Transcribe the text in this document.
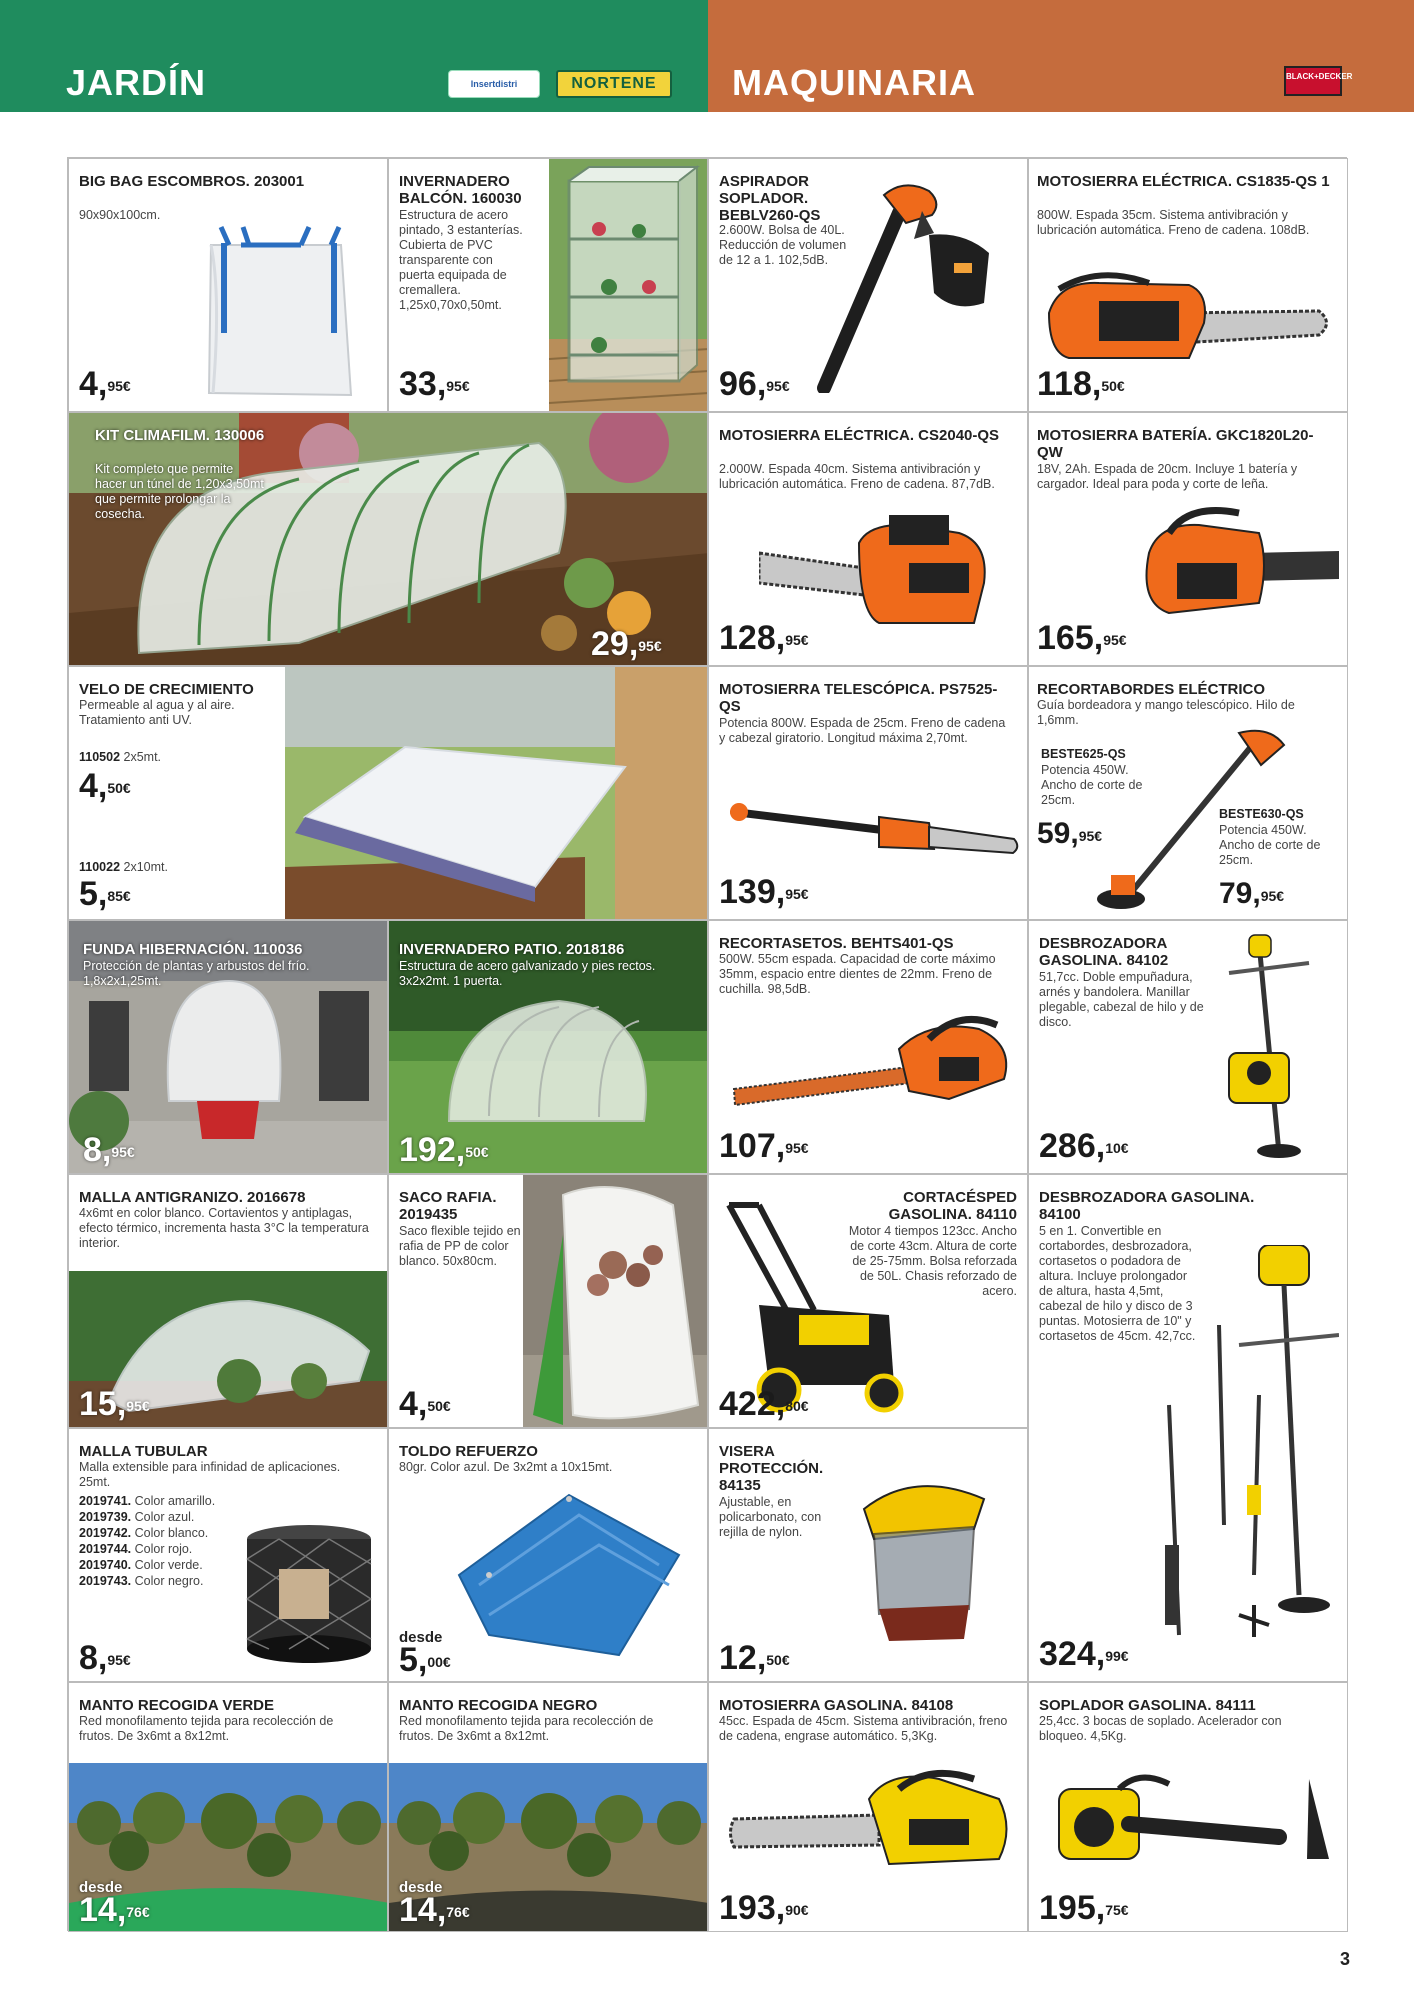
JARDÍN	Insertdistri	NORTENE	MAQUINARIA	BLACK+DECKER
BIG BAG ESCOMBROS. 203001
90x90x100cm.
4,$^{95€}$
INVERNADERO BALCÓN. 160030
Estructura de acero pintado, 3 estanterías. Cubierta de PVC transparente con puerta equipada de cremallera. 1,25x0,70x0,50mt.
33,$^{95€}$
ASPIRADOR SOPLADOR. BEBLV260-QS
2.600W. Bolsa de 40L. Reducción de volumen de 12 a 1. 102,5dB.
96,$^{95€}$
MOTOSIERRA ELÉCTRICA. CS1835-QS 1
800W. Espada 35cm. Sistema antivibración y lubricación automática. Freno de cadena. 108dB.
118,$^{50€}$
KIT CLIMAFILM. 130006
Kit completo que permite hacer un túnel de 1,20x3,50mt que permite prolongar la cosecha.
29,$^{95€}$
MOTOSIERRA ELÉCTRICA. CS2040-QS
2.000W. Espada 40cm. Sistema antivibración y lubricación automática. Freno de cadena. 87,7dB.
128,$^{95€}$
MOTOSIERRA BATERÍA. GKC1820L20-QW
18V, 2Ah. Espada de 20cm. Incluye 1 batería y cargador. Ideal para poda y corte de leña.
165,$^{95€}$
VELO DE CRECIMIENTO
Permeable al agua y al aire. Tratamiento anti UV.
110502 2x5mt.
4,$^{50€}$
110022 2x10mt.
5,$^{85€}$
MOTOSIERRA TELESCÓPICA. PS7525-QS
Potencia 800W. Espada de 25cm. Freno de cadena y cabezal giratorio. Longitud máxima 2,70mt.
139,$^{95€}$
RECORTABORDES ELÉCTRICO
Guía bordeadora y mango telescópico. Hilo de 1,6mm.
BESTE625-QS
Potencia 450W. Ancho de corte de 25cm.
59,$^{95€}$
BESTE630-QS
Potencia 450W. Ancho de corte de 25cm.
79,$^{95€}$
FUNDA HIBERNACIÓN. 110036
Protección de plantas y arbustos del frío. 1,8x2x1,25mt.
8,$^{95€}$
INVERNADERO PATIO. 2018186
Estructura de acero galvanizado y pies rectos. 3x2x2mt. 1 puerta.
192,$^{50€}$
RECORTASETOS. BEHTS401-QS
500W. 55cm espada. Capacidad de corte máximo 35mm, espacio entre dientes de 22mm. Freno de cuchilla. 98,5dB.
107,$^{95€}$
DESBROZADORA GASOLINA. 84102
51,7cc. Doble empuñadura, arnés y bandolera. Manillar plegable, cabezal de hilo y de disco.
286,$^{10€}$
MALLA ANTIGRANIZO. 2016678
4x6mt en color blanco. Cortavientos y antiplagas, efecto térmico, incrementa hasta 3°C la temperatura interior.
15,$^{95€}$
SACO RAFIA. 2019435
Saco flexible tejido en rafia de PP de color blanco. 50x80cm.
4,$^{50€}$
CORTACÉSPED GASOLINA. 84110
Motor 4 tiempos 123cc. Ancho de corte 43cm. Altura de corte de 25-75mm. Bolsa reforzada de 50L. Chasis reforzado de acero.
422,$^{80€}$
DESBROZADORA GASOLINA. 84100
5 en 1. Convertible en cortabordes, desbrozadora, cortasetos o podadora de altura. Incluye prolongador de altura, hasta 4,5mt, cabezal de hilo y disco de 3 puntas. Motosierra de 10" y cortasetos de 45cm. 42,7cc.
324,$^{99€}$
MALLA TUBULAR
Malla extensible para infinidad de aplicaciones. 25mt.
2019741. Color amarillo.
2019739. Color azul.
2019742. Color blanco.
2019744. Color rojo.
2019740. Color verde.
2019743. Color negro.
8,$^{95€}$
TOLDO REFUERZO
80gr. Color azul. De 3x2mt a 10x15mt.
desde
5,$^{00€}$
VISERA PROTECCIÓN. 84135
Ajustable, en policarbonato, con rejilla de nylon.
12,$^{50€}$
MANTO RECOGIDA VERDE
Red monofilamento tejida para recolección de frutos. De 3x6mt a 8x12mt.
desde
14,$^{76€}$
MANTO RECOGIDA NEGRO
Red monofilamento tejida para recolección de frutos. De 3x6mt a 8x12mt.
desde
14,$^{76€}$
MOTOSIERRA GASOLINA. 84108
45cc. Espada de 45cm. Sistema antivibración, freno de cadena, engrase automático. 5,3Kg.
193,$^{90€}$
SOPLADOR GASOLINA. 84111
25,4cc. 3 bocas de soplado. Acelerador con bloqueo. 4,5Kg.
195,$^{75€}$
3
